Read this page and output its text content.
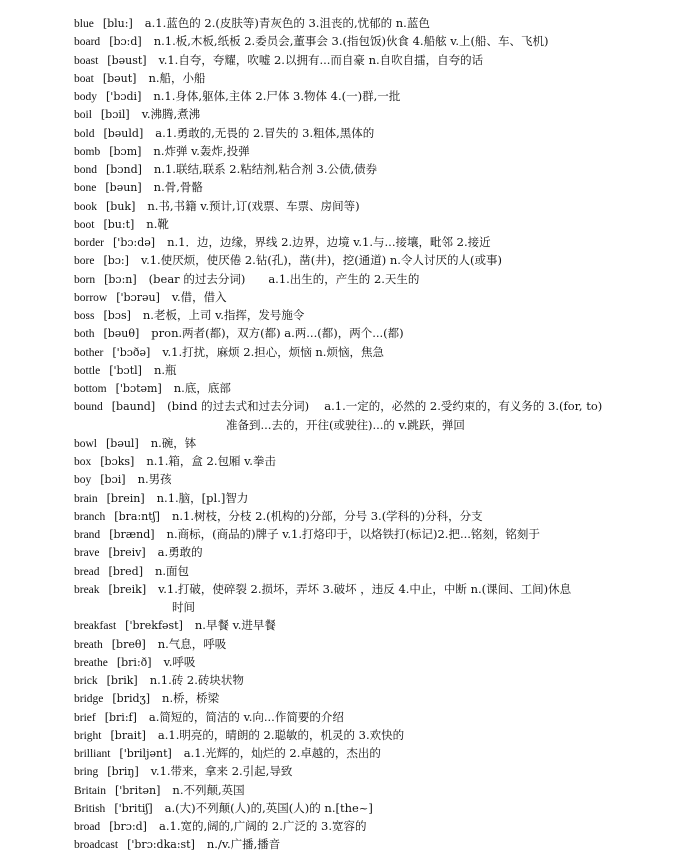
blue [blu:] a.1.蓝色的 2.(皮肤等)青灰色的 3.沮丧的,忧郁的 n.蓝色
board [bɔ:d] n.1.板,木板,纸板 2.委员会,董事会 3.(指包饭)伙食 4.船舷 v.上(船、车、飞机)
boast [bəust] v.1.自夸，夸耀，吹嘘 2.以拥有...而自豪 n.自吹自擂，自夸的话
boat [bəut] n.船，小船
body ['bɔdi] n.1.身体,躯体,主体 2.尸体 3.物体 4.(一)群,一批
boil [bɔil] v.沸腾,煮沸
bold [bəuld] a.1.勇敢的,无畏的 2.冒失的 3.粗体,黑体的
bomb [bɔm] n.炸弹 v.轰炸,投弹
bond [bɔnd] n.1.联结,联系 2.粘结剂,粘合剂 3.公债,债券
bone [bəun] n.骨,骨骼
book [buk] n.书,书籍 v.预计,订(戏票、车票、房间等)
boot [bu:t] n.靴
border ['bɔ:də] n.1．边，边缘，界线 2.边界，边境 v.1.与...接壤，毗邻 2.接近
bore [bɔ:] v.1.使厌烦，使厌倦 2.钻(孔)，凿(井)，挖(通道) n.令人讨厌的人(或事)
born [bɔ:n] (bear 的过去分词)　　a.1.出生的，产生的 2.天生的
borrow ['bɔrəu] v.借，借入
boss [bɔs] n.老板，上司 v.指挥，发号施令
both [bəuθ] pron.两者(都)，双方(都) a.两...(都)，两个...(都)
bother ['bɔðə] v.1.打扰，麻烦 2.担心，烦恼 n.烦恼，焦急
bottle ['bɔtl] n.瓶
bottom ['bɔtəm] n.底，底部
bound [baund] (bind 的过去式和过去分词)　 a.1.一定的，必然的 2.受约束的，有义务的 3.(for, to)
准备到...去的，开往(或驶往)...的 v.跳跃，弹回
bowl [bəul] n.碗，钵
box [bɔks] n.1.箱，盒 2.包厢 v.拳击
boy [bɔi] n.男孩
brain [brein] n.1.脑，[pl.]智力
branch [bra:ntʃ] n.1.树枝，分枝 2.(机构的)分部，分号 3.(学科的)分科，分支
brand [brænd] n.商标，(商品的)牌子 v.1.打烙印于，以烙铁打(标记)2.把...铭刻，铭刻于
brave [breiv] a.勇敢的
bread [bred] n.面包
break [breik] v.1.打破，使碎裂 2.损坏，弄坏 3.破坏 ，违反 4.中止，中断 n.(课间、工间)休息
时间
breakfast ['brekfəst] n.早餐 v.进早餐
breath [breθ] n.气息，呼吸
breathe [bri:ð] v.呼吸
brick [brik] n.1.砖 2.砖块状物
bridge [bridʒ] n.桥，桥梁
brief [bri:f] a.简短的，简洁的 v.向...作简要的介绍
bright [brait] a.1.明亮的，晴朗的 2.聪敏的，机灵的 3.欢快的
brilliant ['briljənt] a.1.光辉的，灿烂的 2.卓越的，杰出的
bring [briŋ] v.1.带来，拿来 2.引起,导致
Britain ['britən] n.不列颠,英国
British ['britiʃ] a.(大)不列颠(人)的,英国(人)的 n.[the~]
broad [brɔ:d] a.1.宽的,阔的,广阔的 2.广泛的 3.宽容的
broadcast ['brɔ:dka:st] n./v.广播,播音
